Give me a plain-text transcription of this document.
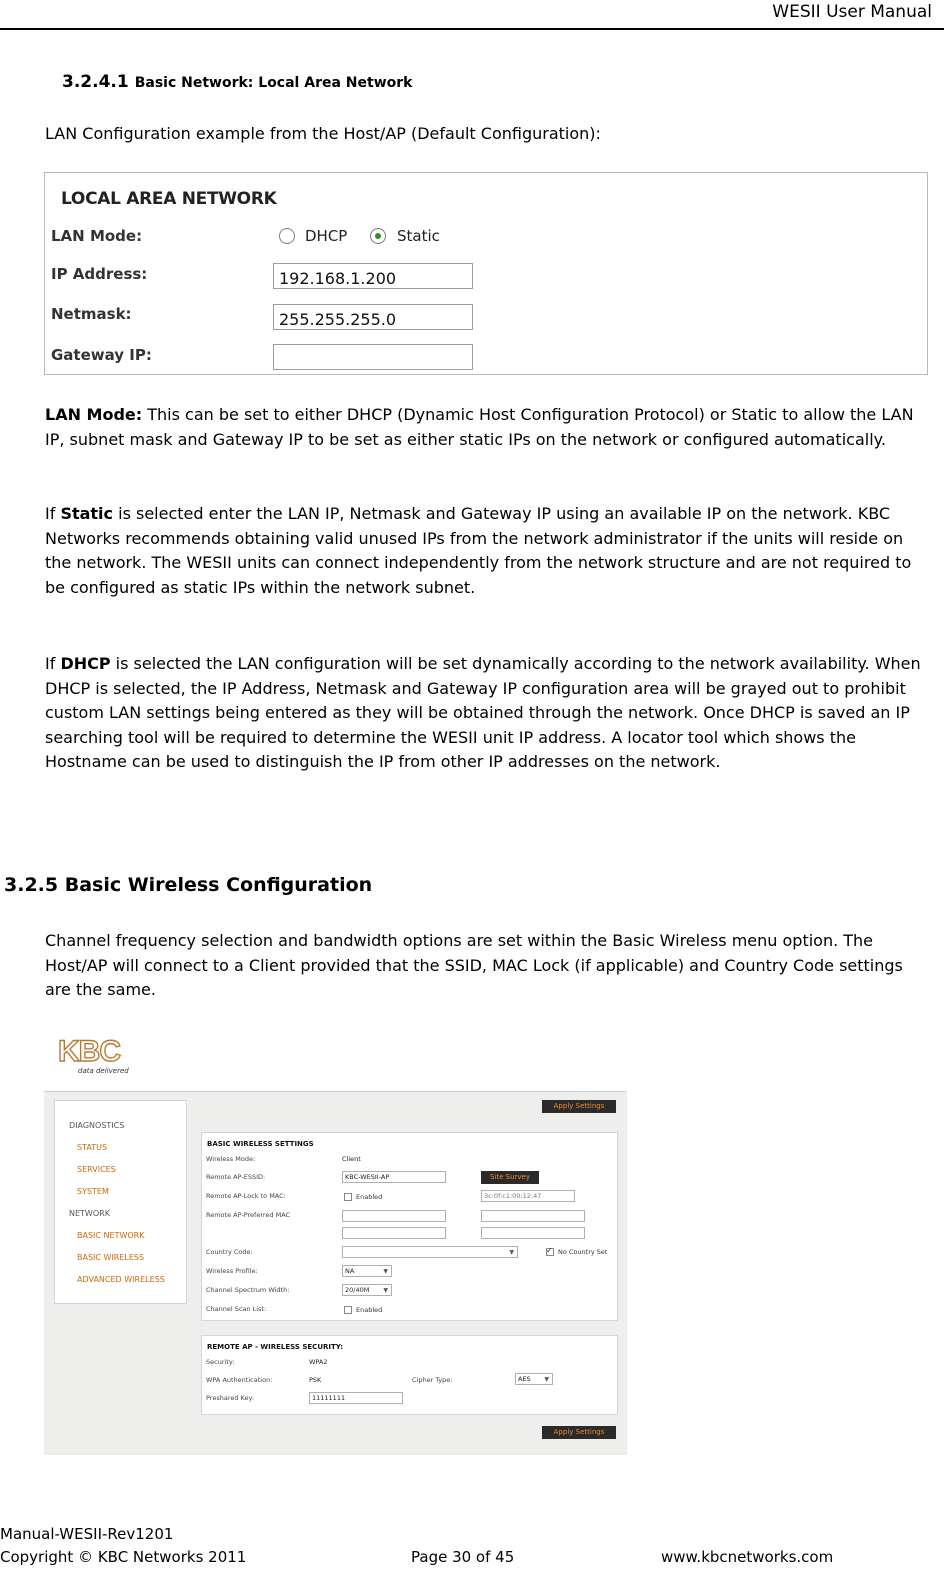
WESII User Manual
3.2.4.1 Basic Network: Local Area Network
LAN Configuration example from the Host/AP (Default Configuration):
LOCAL AREA NETWORK
LAN Mode:	DHCP	Static
IP Address:	192.168.1.200
Netmask:	255.255.255.0
Gateway IP:
LAN Mode: This can be set to either DHCP (Dynamic Host Configuration Protocol) or Static to allow the LAN IP, subnet mask and Gateway IP to be set as either static IPs on the network or configured automatically.
If Static is selected enter the LAN IP, Netmask and Gateway IP using an available IP on the network. KBC Networks recommends obtaining valid unused IPs from the network administrator if the units will reside on the network. The WESII units can connect independently from the network structure and are not required to be configured as static IPs within the network subnet.
If DHCP is selected the LAN configuration will be set dynamically according to the network availability. When DHCP is selected, the IP Address, Netmask and Gateway IP configuration area will be grayed out to prohibit custom LAN settings being entered as they will be obtained through the network. Once DHCP is saved an IP searching tool will be required to determine the WESII unit IP address. A locator tool which shows the Hostname can be used to distinguish the IP from other IP addresses on the network.
3.2.5 Basic Wireless Configuration
Channel frequency selection and bandwidth options are set within the Basic Wireless menu option. The Host/AP will connect to a Client provided that the SSID, MAC Lock (if applicable) and Country Code settings are the same.
KBC
data delivered
Apply Settings
DIAGNOSTICS
STATUS
SERVICES
SYSTEM
NETWORK
BASIC NETWORK
BASIC WIRELESS
ADVANCED WIRELESS
BASIC WIRELESS SETTINGS
Wireless Mode:	Client
Remote AP-ESSID:	KBC-WESII-AP	Site Survey
Remote AP-Lock to MAC:	Enabled	3c:0f:c1:00:12:47
Remote AP-Preferred MAC
Country Code:	▼
✓	No Country Set
Wireless Profile:	NA	▼
Channel Spectrum Width:	20/40M ▼
Channel Scan List:	Enabled
REMOTE AP - WIRELESS SECURITY:
Security:	WPA2
WPA Authentication:	PSK	Cipher Type:	AES ▼
Preshared Key:	11111111
Apply Settings
Manual-WESII-Rev1201
Copyright © KBC Networks 2011	Page 30 of 45	www.kbcnetworks.com
